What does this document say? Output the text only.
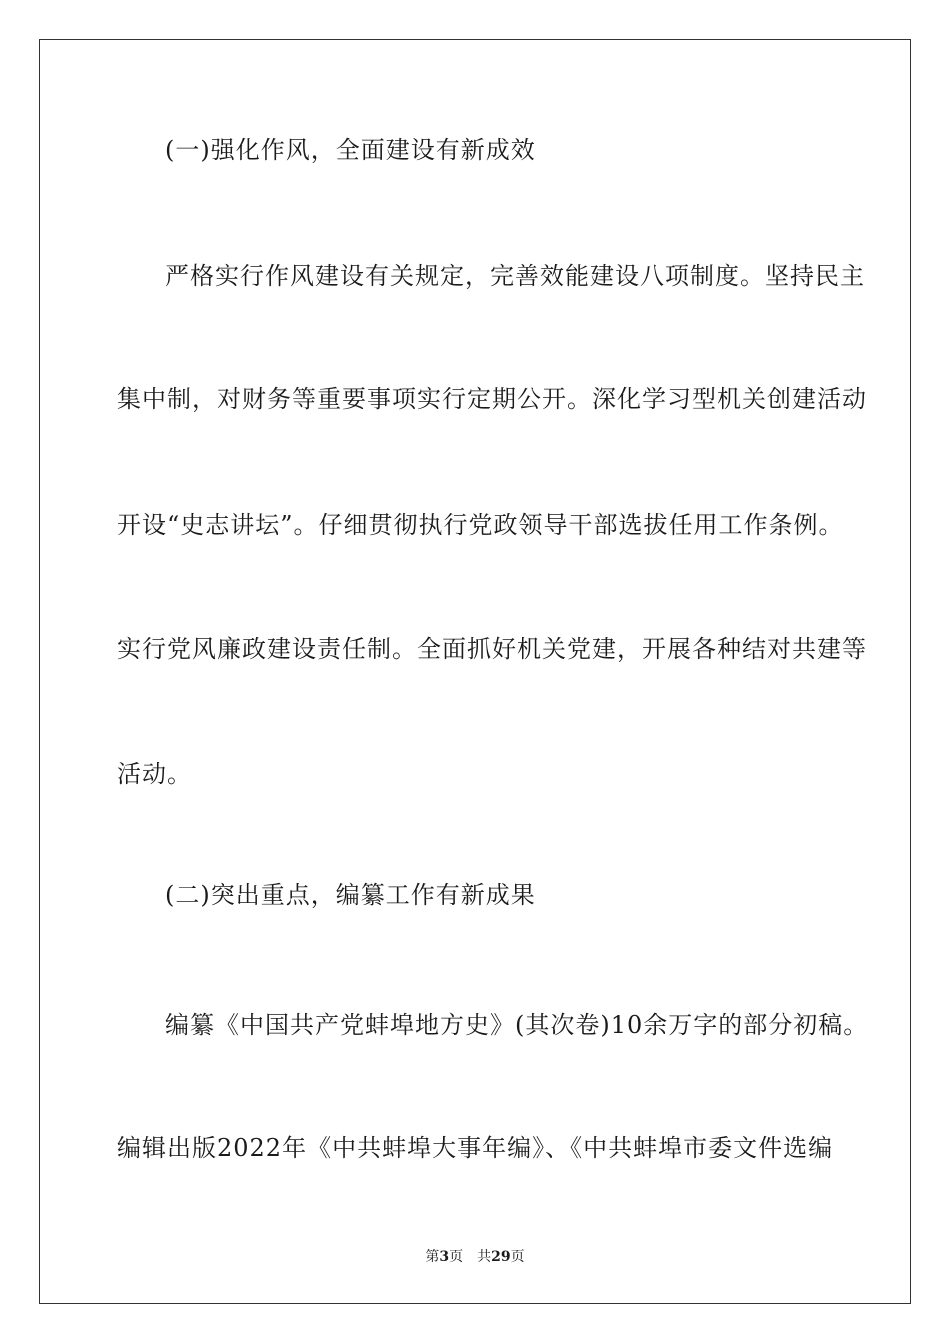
(一)强化作风，全面建设有新成效
严格实行作风建设有关规定，完善效能建设八项制度。坚持民主
集中制，对财务等重要事项实行定期公开。深化学习型机关创建活动
开设“史志讲坛”。仔细贯彻执行党政领导干部选拔任用工作条例。
实行党风廉政建设责任制。全面抓好机关党建，开展各种结对共建等
活动。
(二)突出重点，编纂工作有新成果
编纂《中国共产党蚌埠地方史》(其次卷)10余万字的部分初稿。
编辑出版2022年《中共蚌埠大事年编》、《中共蚌埠市委文件选编
第3页 共29页
